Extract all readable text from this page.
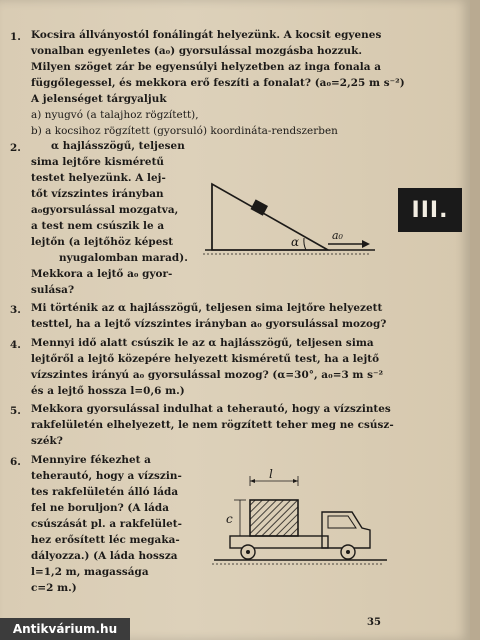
1. Kocsira állványostól fonálingát helyezünk. A kocsit egyenes
vonalban egyenletes (a₀) gyorsulással mozgásba hozzuk.
Milyen szöget zár be egyensúlyi helyzetben az inga fonala a
függőlegessel, és mekkora erő feszíti a fonalat? (a₀=2,25 m s⁻²)
A jelenséget tárgyaljuk
a) nyugvó (a talajhoz rögzített),
b) a kocsihoz rögzített (gyorsuló) koordináta-rendszerben
2.	α hajlásszögű, teljesen
sima lejtőre kisméretű
testet helyezünk. A lej-
tőt vízszintes irányban
a₀gyorsulással mozgatva,
a test nem csúszik le a
lejtőn (a lejtőhöz képest
nyugalomban marad).
Mekkora a lejtő a₀ gyor-
sulása?
α	a₀
III.
3. Mi történik az α hajlásszögű, teljesen sima lejtőre helyezett
testtel, ha a lejtő vízszintes irányban a₀ gyorsulással mozog?
4. Mennyi idő alatt csúszik le az α hajlásszögű, teljesen sima
lejtőről a lejtő közepére helyezett kisméretű test, ha a lejtő
vízszintes irányú a₀ gyorsulással mozog? (α=30°, a₀=3 m s⁻²
és a lejtő hossza l=0,6 m.)
5. Mekkora gyorsulással indulhat a teherautó, hogy a vízszintes
rakfelületén elhelyezett, le nem rögzített teher meg ne csúsz-
szék?
6. Mennyire fékezhet a
teherautó, hogy a vízszin-
tes rakfelületén álló láda
fel ne boruljon? (A láda
csúszását pl. a rakfelület-
hez erősített léc megaka-
dályozza.) (A láda hossza
l=1,2 m, magassága
c=2 m.)
l
c
35
Antikvárium.hu
